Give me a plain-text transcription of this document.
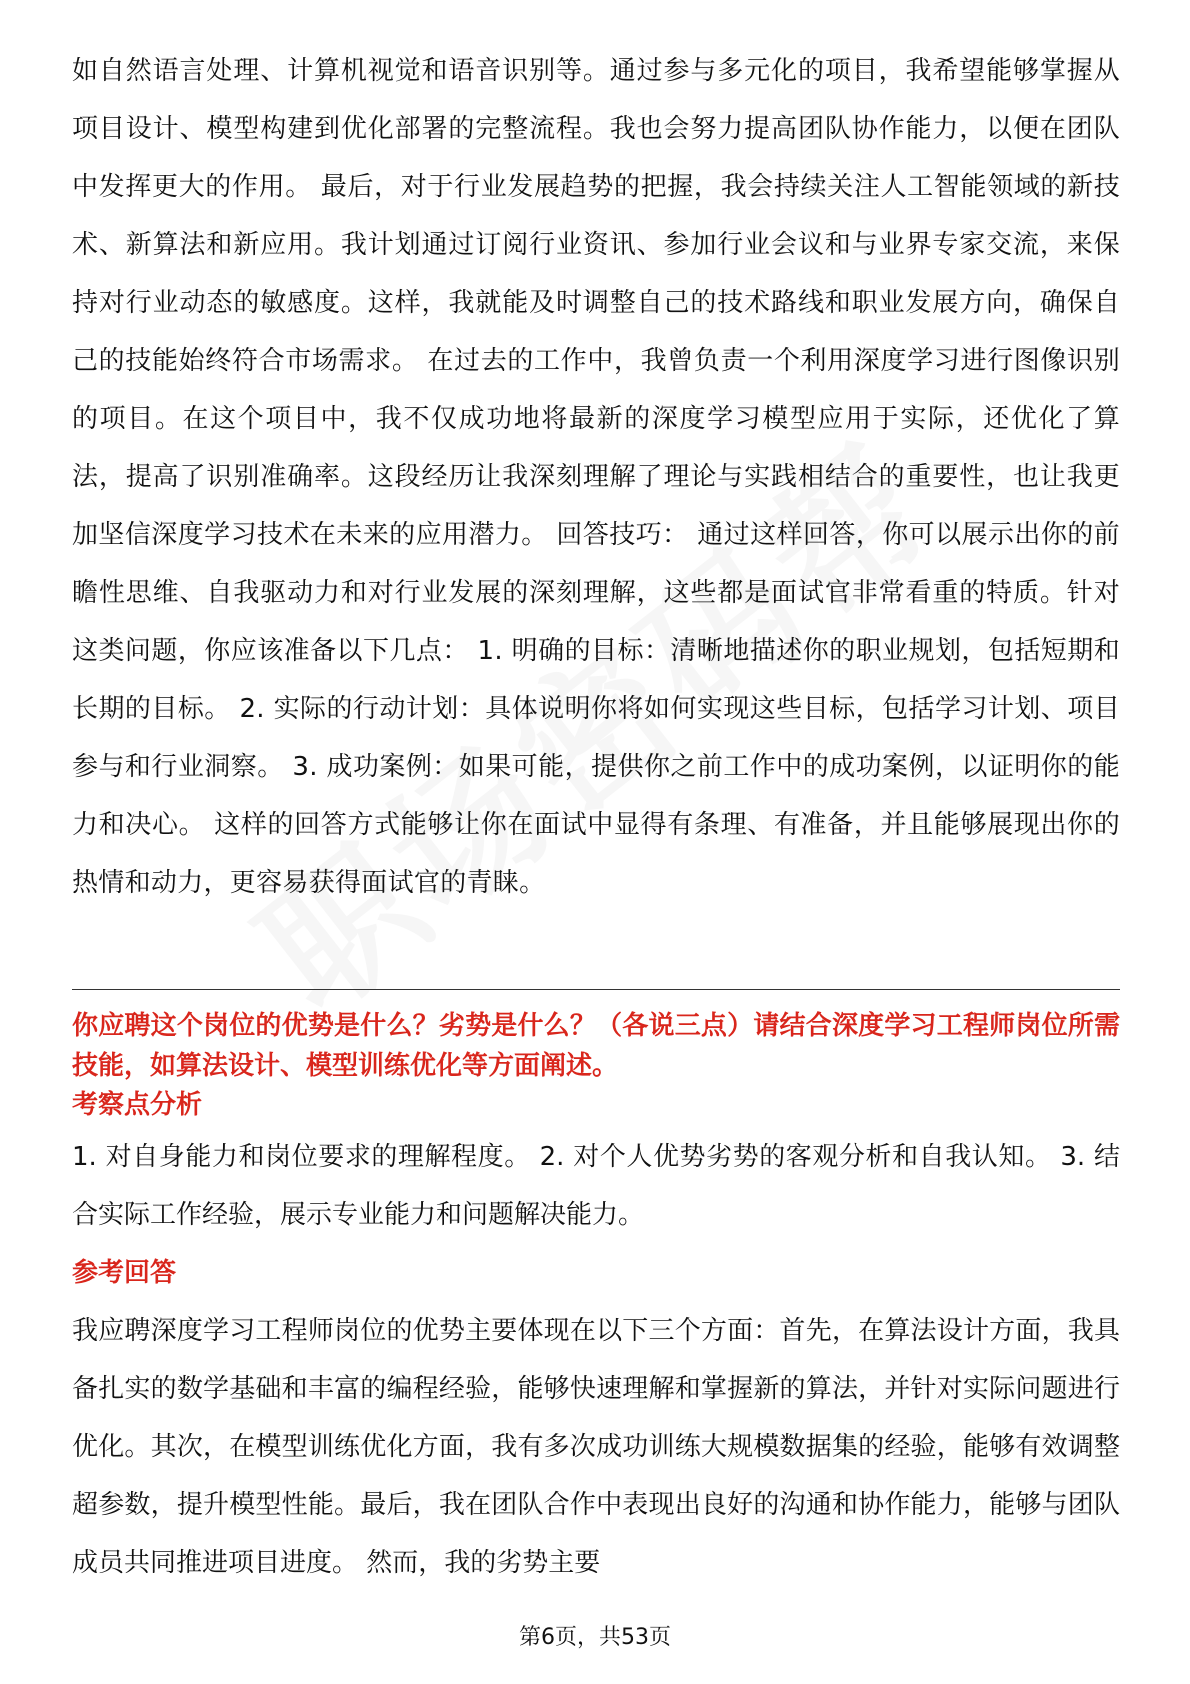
如自然语言处理、计算机视觉和语音识别等。通过参与多元化的项目，我希望能够掌握从项目设计、模型构建到优化部署的完整流程。我也会努力提高团队协作能力，以便在团队中发挥更大的作用。 最后，对于行业发展趋势的把握，我会持续关注人工智能领域的新技术、新算法和新应用。我计划通过订阅行业资讯、参加行业会议和与业界专家交流，来保持对行业动态的敏感度。这样，我就能及时调整自己的技术路线和职业发展方向，确保自己的技能始终符合市场需求。 在过去的工作中，我曾负责一个利用深度学习进行图像识别的项目。在这个项目中，我不仅成功地将最新的深度学习模型应用于实际，还优化了算法，提高了识别准确率。这段经历让我深刻理解了理论与实践相结合的重要性，也让我更加坚信深度学习技术在未来的应用潜力。 回答技巧： 通过这样回答，你可以展示出你的前瞻性思维、自我驱动力和对行业发展的深刻理解，这些都是面试官非常看重的特质。针对这类问题，你应该准备以下几点： 1. 明确的目标：清晰地描述你的职业规划，包括短期和长期的目标。 2. 实际的行动计划：具体说明你将如何实现这些目标，包括学习计划、项目参与和行业洞察。 3. 成功案例：如果可能，提供你之前工作中的成功案例，以证明你的能力和决心。 这样的回答方式能够让你在面试中显得有条理、有准备，并且能够展现出你的热情和动力，更容易获得面试官的青睐。

你应聘这个岗位的优势是什么？劣势是什么？（各说三点）请结合深度学习工程师岗位所需技能，如算法设计、模型训练优化等方面阐述。

考察点分析

1. 对自身能力和岗位要求的理解程度。 2. 对个人优势劣势的客观分析和自我认知。 3. 结合实际工作经验，展示专业能力和问题解决能力。

参考回答

我应聘深度学习工程师岗位的优势主要体现在以下三个方面：首先，在算法设计方面，我具备扎实的数学基础和丰富的编程经验，能够快速理解和掌握新的算法，并针对实际问题进行优化。其次，在模型训练优化方面，我有多次成功训练大规模数据集的经验，能够有效调整超参数，提升模型性能。最后，我在团队合作中表现出良好的沟通和协作能力，能够与团队成员共同推进项目进度。 然而，我的劣势主要

第6页，共53页
